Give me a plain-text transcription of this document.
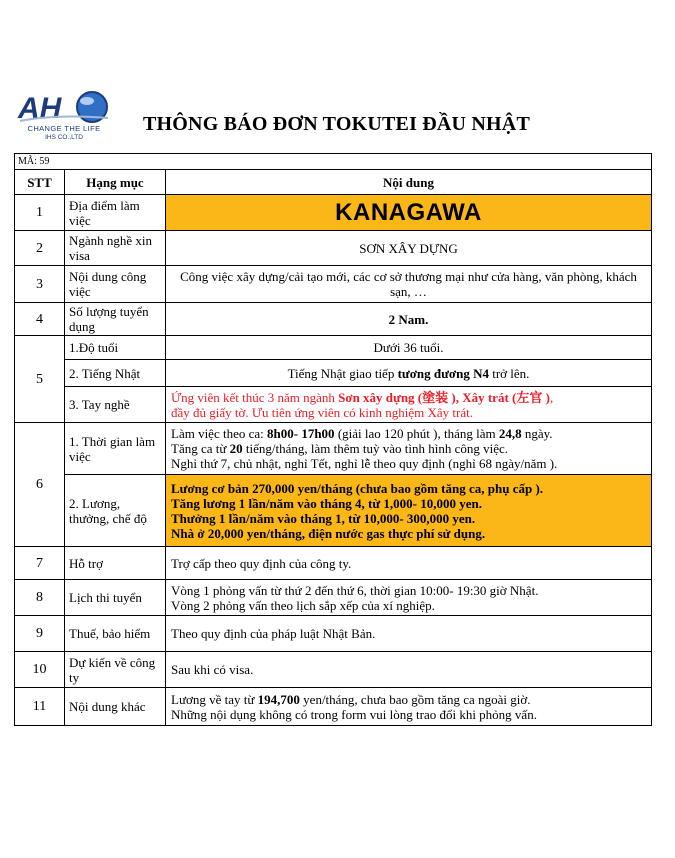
AH
CHANGE THE LIFE
IHS CO.,LTD
THÔNG BÁO ĐƠN TOKUTEI ĐẦU NHẬT
MÃ: 59		
STT	Hạng mục	Nội dung
1	Địa điểm làm việc	KANAGAWA
2	Ngành nghề xin visa	SƠN XÂY DỰNG
3	Nội dung công việc	Công việc xây dựng/cải tạo mới, các cơ sở thương mại như cửa hàng, văn phòng, khách sạn, …
4	Số lượng tuyển dụng	2 Nam.
5	1.Độ tuổi	Dưới 36 tuổi.
	2. Tiếng Nhật	Tiếng Nhật giao tiếp tương đương N4 trở lên.
	3. Tay nghề	Ứng viên kết thúc 3 năm ngành Sơn xây dựng (塗装 ), Xây trát (左官 ),
đầy đủ giấy tờ. Ưu tiên ứng viên có kinh nghiệm Xây trát.
6	1. Thời gian làm việc	Làm việc theo ca: 8h00- 17h00 (giải lao 120 phút ), tháng làm 24,8 ngày.
Tăng ca từ 20 tiếng/tháng, làm thêm tuỳ vào tình hình công việc.
Nghỉ thứ 7, chủ nhật, nghỉ Tết, nghỉ lễ theo quy định (nghỉ 68 ngày/năm ).
	2. Lương, thưởng, chế độ	Lương cơ bản 270,000 yen/tháng (chưa bao gồm tăng ca, phụ cấp ).
Tăng lương 1 lần/năm vào tháng 4, từ 1,000- 10,000 yen.
Thưởng 1 lần/năm vào tháng 1, từ 10,000- 300,000 yen.
Nhà ở 20,000 yen/tháng, điện nước gas thực phí sử dụng.
7	Hỗ trợ	Trợ cấp theo quy định của công ty.
8	Lịch thi tuyển	Vòng 1 phỏng vấn từ thứ 2 đến thứ 6, thời gian 10:00- 19:30 giờ Nhật.
Vòng 2 phỏng vấn theo lịch sắp xếp của xí nghiệp.
9	Thuế, bảo hiểm	Theo quy định của pháp luật Nhật Bản.
10	Dự kiến về công ty	Sau khi có visa.
11	Nội dung khác	Lương về tay từ 194,700 yen/tháng, chưa bao gồm tăng ca ngoài giờ.
Những nội dụng không có trong form vui lòng trao đổi khi phỏng vấn.
